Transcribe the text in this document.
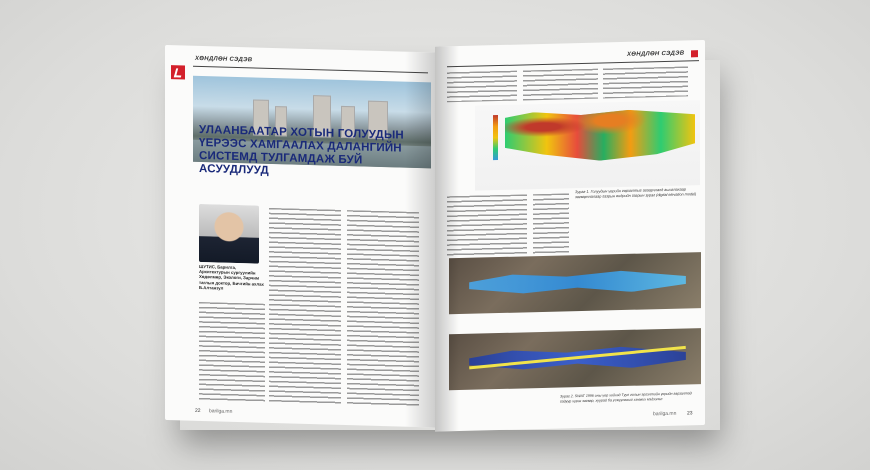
ХӨНДЛӨН СЭДЭВ
УЛААНБААТАР ХОТЫН ГОЛУУДЫН ҮЕРЭЭС ХАМГААЛАХ ДАЛАНГИЙН СИСТЕМД ТУЛГАМДАЖ БУЙ АСУУДЛУУД
ШУТИС, Барилга, Архитектурын сургуулийн Хөдөлмөр, Экологи, Зарчим таглын доктор, Бичгийн ахлах Б.Алтанзул
22 barilga.mn
ХӨНДЛӨН СЭДЭВ
Зураг 1. Голуудын үерийн гарзалтыг агаарчлалд ашиглахаар загварчлалаар газрын өндрийн газрын зураг (digital elevation model)
Зураг 2. SWAT 1996 оны үер хийхэд Туул голын эргэлтийн үерийн гарзалтад гадуур хүрэх загвар, хуурай ба усжуулахыг хэмжих мэдээлэл
barilga.mn 23
